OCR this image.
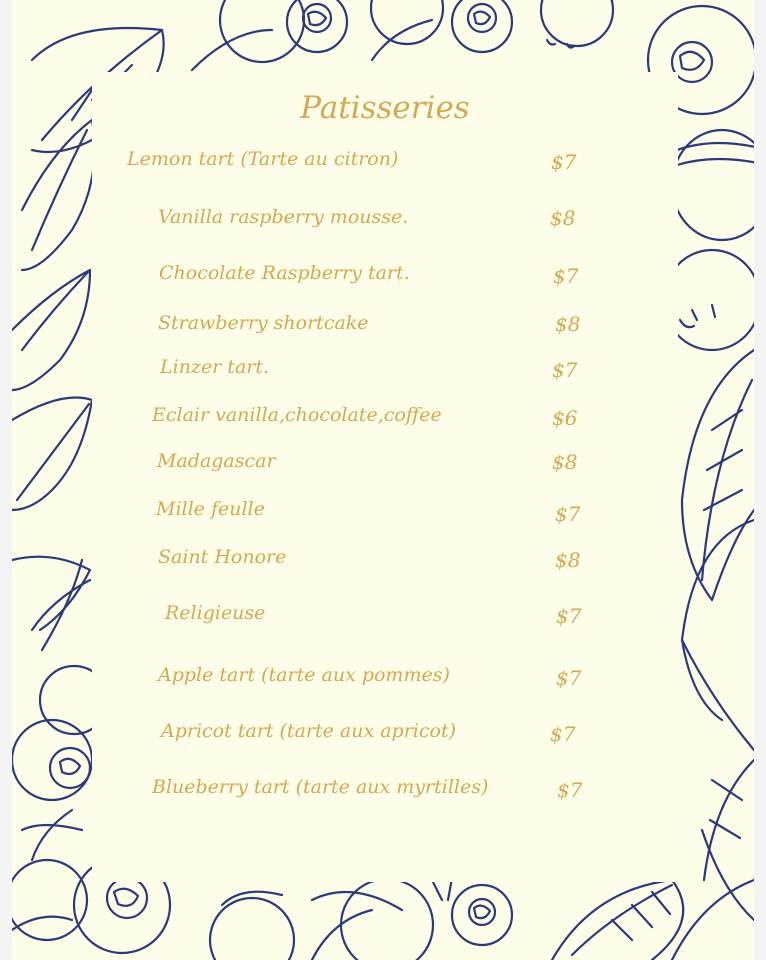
Patisseries
Lemon tart (Tarte au citron)	$7
Vanilla raspberry mousse.	$8
Chocolate Raspberry tart.	$7
Strawberry shortcake	$8
Linzer tart.	$7
Eclair vanilla,chocolate,coffee	$6
Madagascar	$8
Mille feulle	$7
Saint Honore	$8
Religieuse	$7
Apple tart (tarte aux pommes)	$7
Apricot tart (tarte aux apricot)	$7
Blueberry tart (tarte aux myrtilles)	$7
